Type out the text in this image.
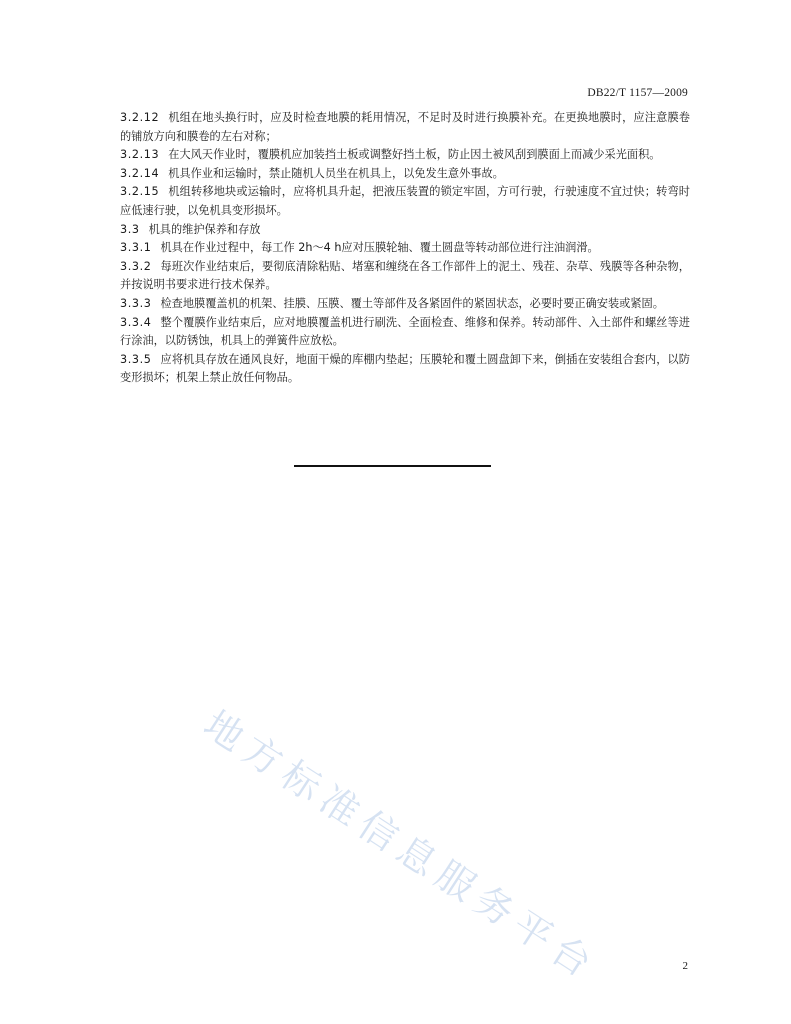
DB22/T 1157—2009

3.2.12 机组在地头换行时，应及时检查地膜的耗用情况，不足时及时进行换膜补充。在更换地膜时，应注意膜卷的铺放方向和膜卷的左右对称；

3.2.13 在大风天作业时，覆膜机应加装挡土板或调整好挡土板，防止因土被风刮到膜面上而减少采光面积。

3.2.14 机具作业和运输时，禁止随机人员坐在机具上，以免发生意外事故。

3.2.15 机组转移地块或运输时，应将机具升起，把液压装置的锁定牢固，方可行驶，行驶速度不宜过快；转弯时应低速行驶，以免机具变形损坏。

3.3 机具的维护保养和存放

3.3.1 机具在作业过程中，每工作 2h～4 h应对压膜轮轴、覆土圆盘等转动部位进行注油润滑。

3.3.2 每班次作业结束后，要彻底清除粘贴、堵塞和缠绕在各工作部件上的泥土、残茬、杂草、残膜等各种杂物，并按说明书要求进行技术保养。

3.3.3 检查地膜覆盖机的机架、挂膜、压膜、覆土等部件及各紧固件的紧固状态，必要时要正确安装或紧固。

3.3.4 整个覆膜作业结束后，应对地膜覆盖机进行刷洗、全面检查、维修和保养。转动部件、入土部件和螺丝等进行涂油，以防锈蚀，机具上的弹簧件应放松。

3.3.5 应将机具存放在通风良好，地面干燥的库棚内垫起；压膜轮和覆土圆盘卸下来，倒插在安装组合套内，以防变形损坏；机架上禁止放任何物品。

地方标准信息服务平台	2
